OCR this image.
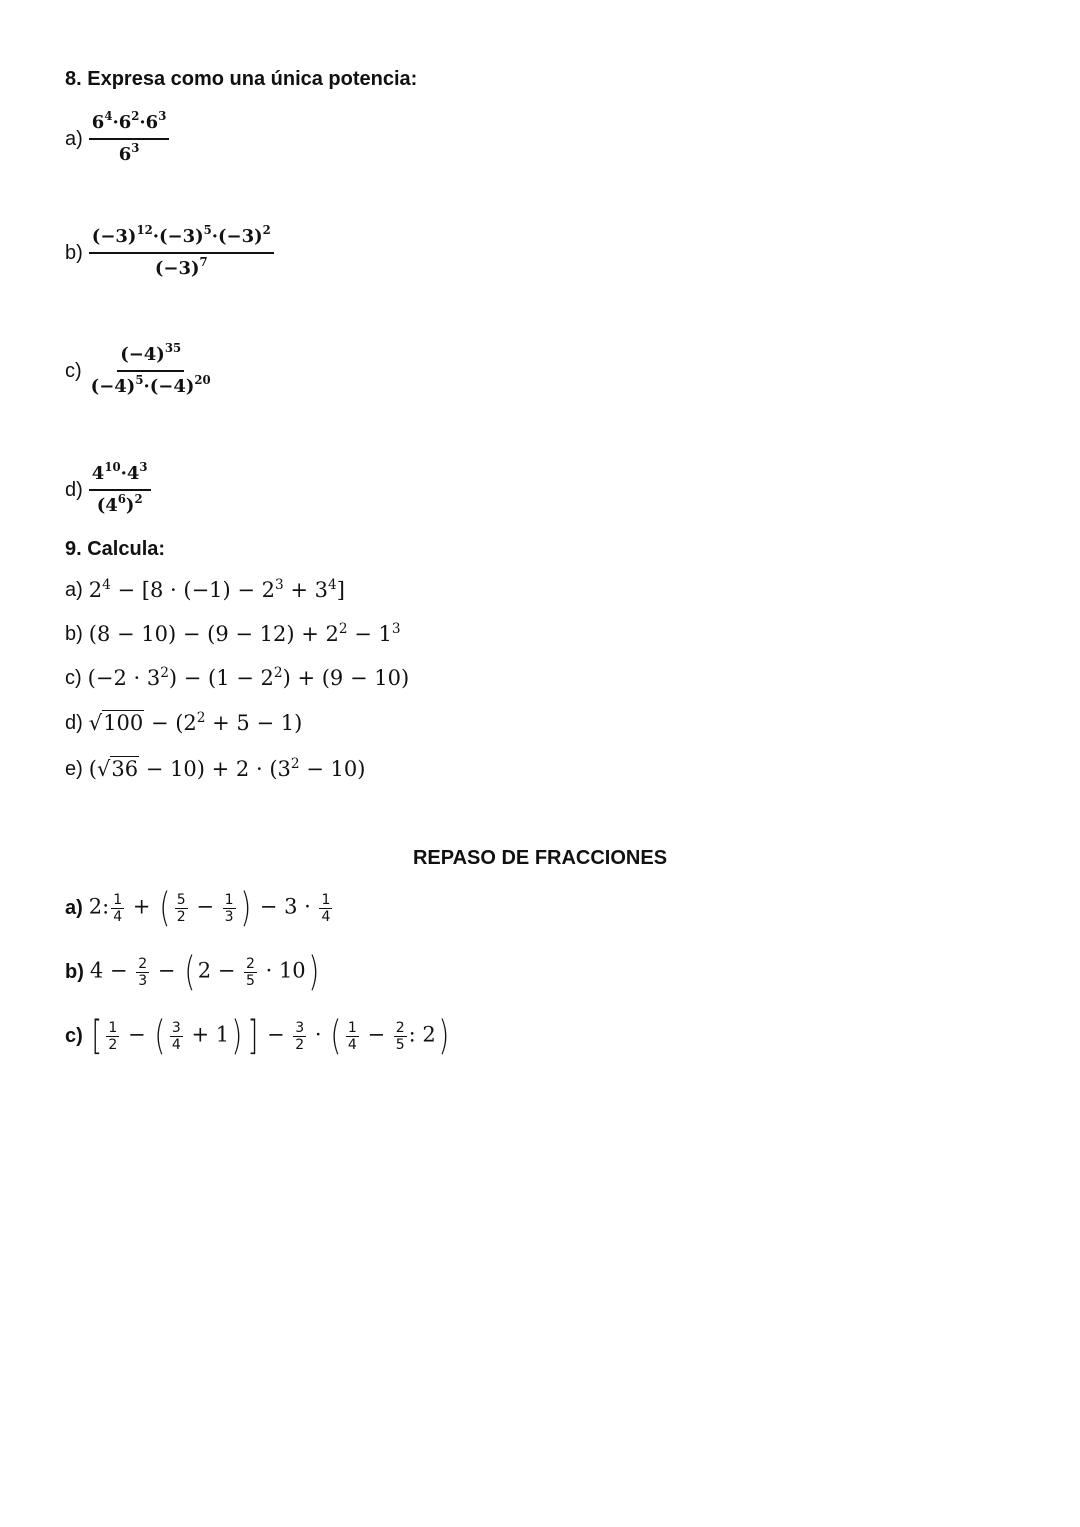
8. Expresa como una única potencia:
$a) \frac{6^4\cdot 6^2\cdot 6^3}{6^3}$
$b) \frac{(-3)^{12}\cdot(-3)^5\cdot(-3)^2}{(-3)^7}$
$c) \frac{(-4)^{35}}{(-4)^5\cdot(-4)^{20}}$
$d) \frac{4^{10}\cdot 4^3}{(4^6)^2}$
9. Calcula:
a) $2^4 - [8 \cdot (-1) - 2^3 + 3^4]$
b) $(8 - 10) - (9 - 12) + 2^2 - 1^3$
c) $(-2 \cdot 3^2) - (1 - 2^2) + (9 - 10)$
d) $√100 - (2^2 + 5 - 1)$
e) $(√36 - 10) + 2 \cdot (3^2 - 10)$
REPASO DE FRACCIONES
a) 2: $\frac{1}{4}$ + ( $\frac{5}{2} - \frac{1}{3}$ ) − $3 \cdot \frac{1}{4}$
b) $4 - \frac{2}{3}$ − ( $2 - \frac{2}{5} \cdot 10$)
c) [ $\frac{1}{2}$ − ( $\frac{3}{4} + 1$) ] − $\frac{3}{2}$ · ( $\frac{1}{4} - \frac{2}{5}$ : 2)
